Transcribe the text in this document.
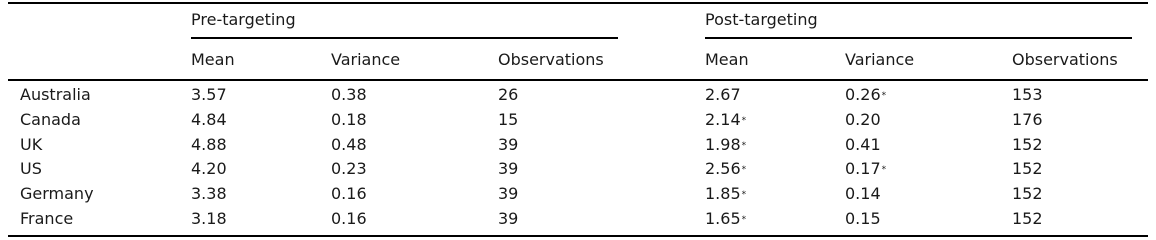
Pre-targeting	Post-targeting
Mean	Variance	Observations	Mean	Variance	Observations
Australia	3.57	0.38	26	2.67	0.26*	153
Canada	4.84	0.18	15	2.14*	0.20	176
UK	4.88	0.48	39	1.98*	0.41	152
US	4.20	0.23	39	2.56*	0.17*	152
Germany	3.38	0.16	39	1.85*	0.14	152
France	3.18	0.16	39	1.65*	0.15	152
